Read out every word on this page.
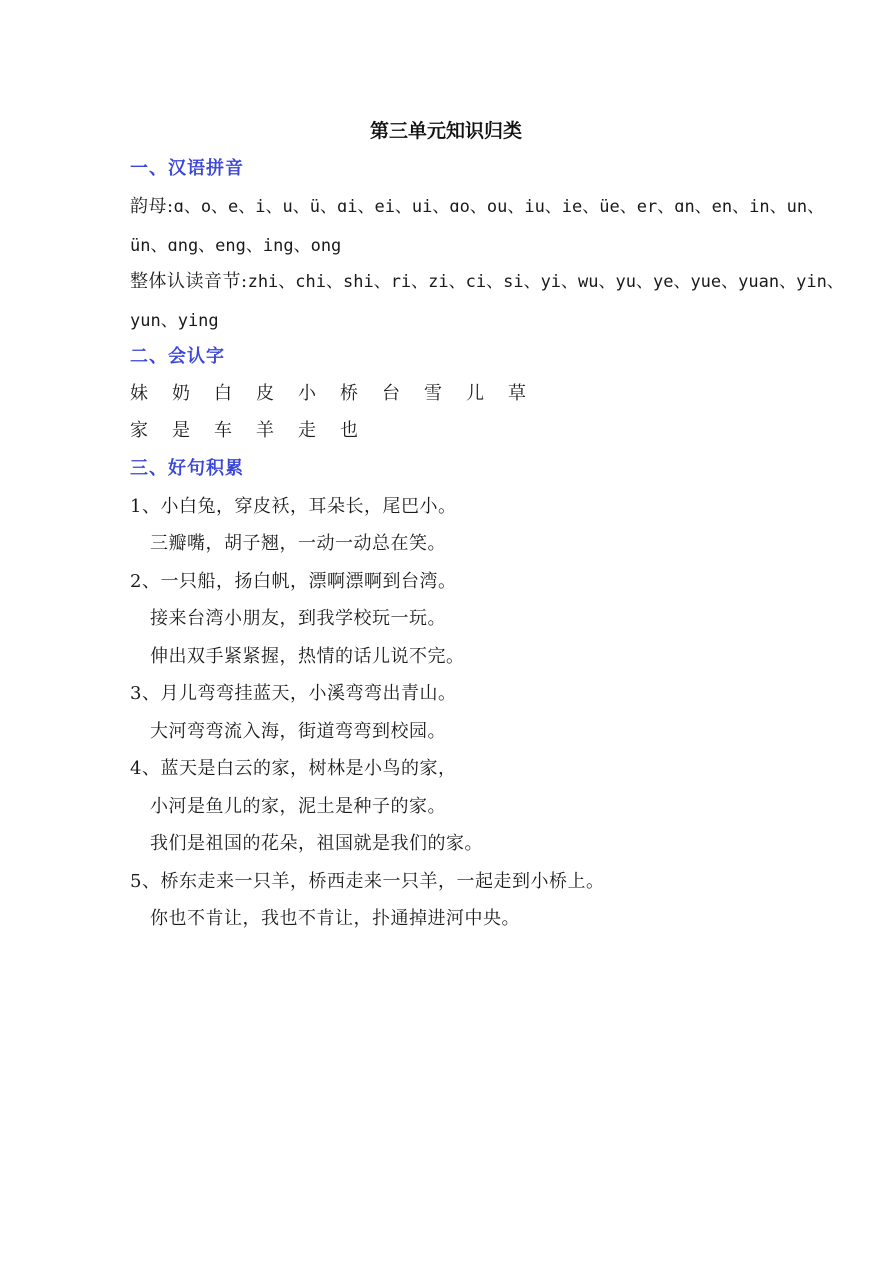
第三单元知识归类
一、汉语拼音
韵母:ɑ、o、e、i、u、ü、ɑi、ei、ui、ɑo、ou、iu、ie、üe、er、ɑn、en、in、un、
ün、ɑng、eng、ing、ong
整体认读音节:zhi、chi、shi、ri、zi、ci、si、yi、wu、yu、ye、yue、yuan、yin、
yun、ying
二、会认字
妹 奶 白 皮 小 桥 台 雪 儿 草
家 是 车 羊 走 也
三、好句积累
1、小白兔，穿皮袄，耳朵长，尾巴小。
三瓣嘴，胡子翘，一动一动总在笑。
2、一只船，扬白帆，漂啊漂啊到台湾。
接来台湾小朋友，到我学校玩一玩。
伸出双手紧紧握，热情的话儿说不完。
3、月儿弯弯挂蓝天，小溪弯弯出青山。
大河弯弯流入海，街道弯弯到校园。
4、蓝天是白云的家，树林是小鸟的家，
小河是鱼儿的家，泥土是种子的家。
我们是祖国的花朵，祖国就是我们的家。
5、桥东走来一只羊，桥西走来一只羊，一起走到小桥上。
你也不肯让，我也不肯让，扑通掉进河中央。
